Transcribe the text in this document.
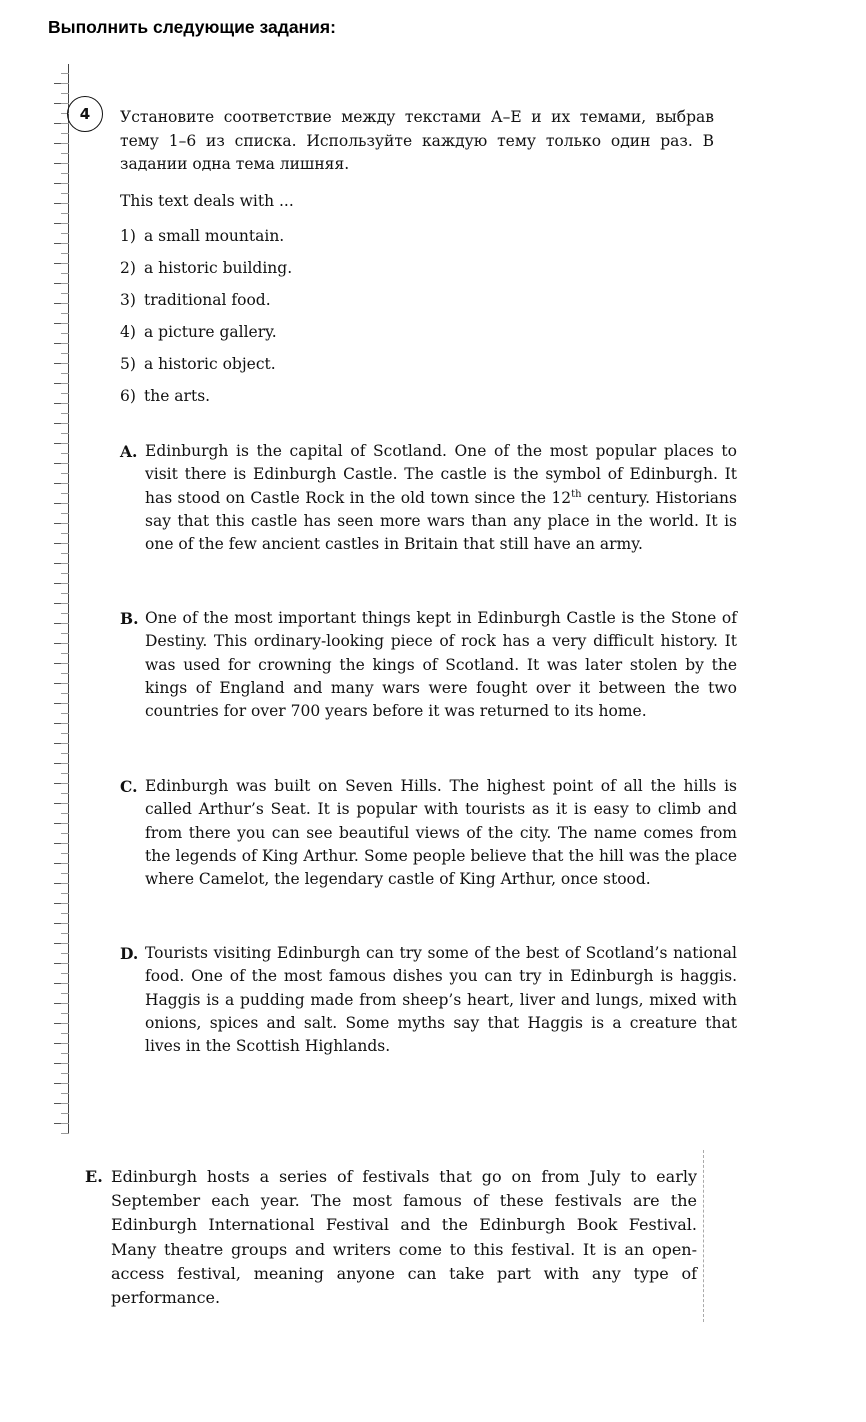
Выполнить следующие задания:
4	Установите соответствие между текстами А–Е и их темами, выбрав тему 1–6 из списка. Используйте каждую тему только один раз. В задании одна тема лишняя.
This text deals with ...
1) a small mountain.
2) a historic building.
3) traditional food.
4) a picture gallery.
5) a historic object.
6) the arts.
A. Edinburgh is the capital of Scotland. One of the most popular places to visit there is Edinburgh Castle. The castle is the symbol of Edinburgh. It has stood on Castle Rock in the old town since the 12th century. Historians say that this castle has seen more wars than any place in the world. It is one of the few ancient castles in Britain that still have an army.
B. One of the most important things kept in Edinburgh Castle is the Stone of Destiny. This ordinary-looking piece of rock has a very difficult history. It was used for crowning the kings of Scotland. It was later stolen by the kings of England and many wars were fought over it between the two countries for over 700 years before it was returned to its home.
C. Edinburgh was built on Seven Hills. The highest point of all the hills is called Arthur’s Seat. It is popular with tourists as it is easy to climb and from there you can see beautiful views of the city. The name comes from the legends of King Arthur. Some people believe that the hill was the place where Camelot, the legendary castle of King Arthur, once stood.
D. Tourists visiting Edinburgh can try some of the best of Scotland’s national food. One of the most famous dishes you can try in Edinburgh is haggis. Haggis is a pudding made from sheep’s heart, liver and lungs, mixed with onions, spices and salt. Some myths say that Haggis is a creature that lives in the Scottish Highlands.
E. Edinburgh hosts a series of festivals that go on from July to early September each year. The most famous of these festivals are the Edinburgh International Festival and the Edinburgh Book Festival. Many theatre groups and writers come to this festival. It is an open-access festival, meaning anyone can take part with any type of performance.
